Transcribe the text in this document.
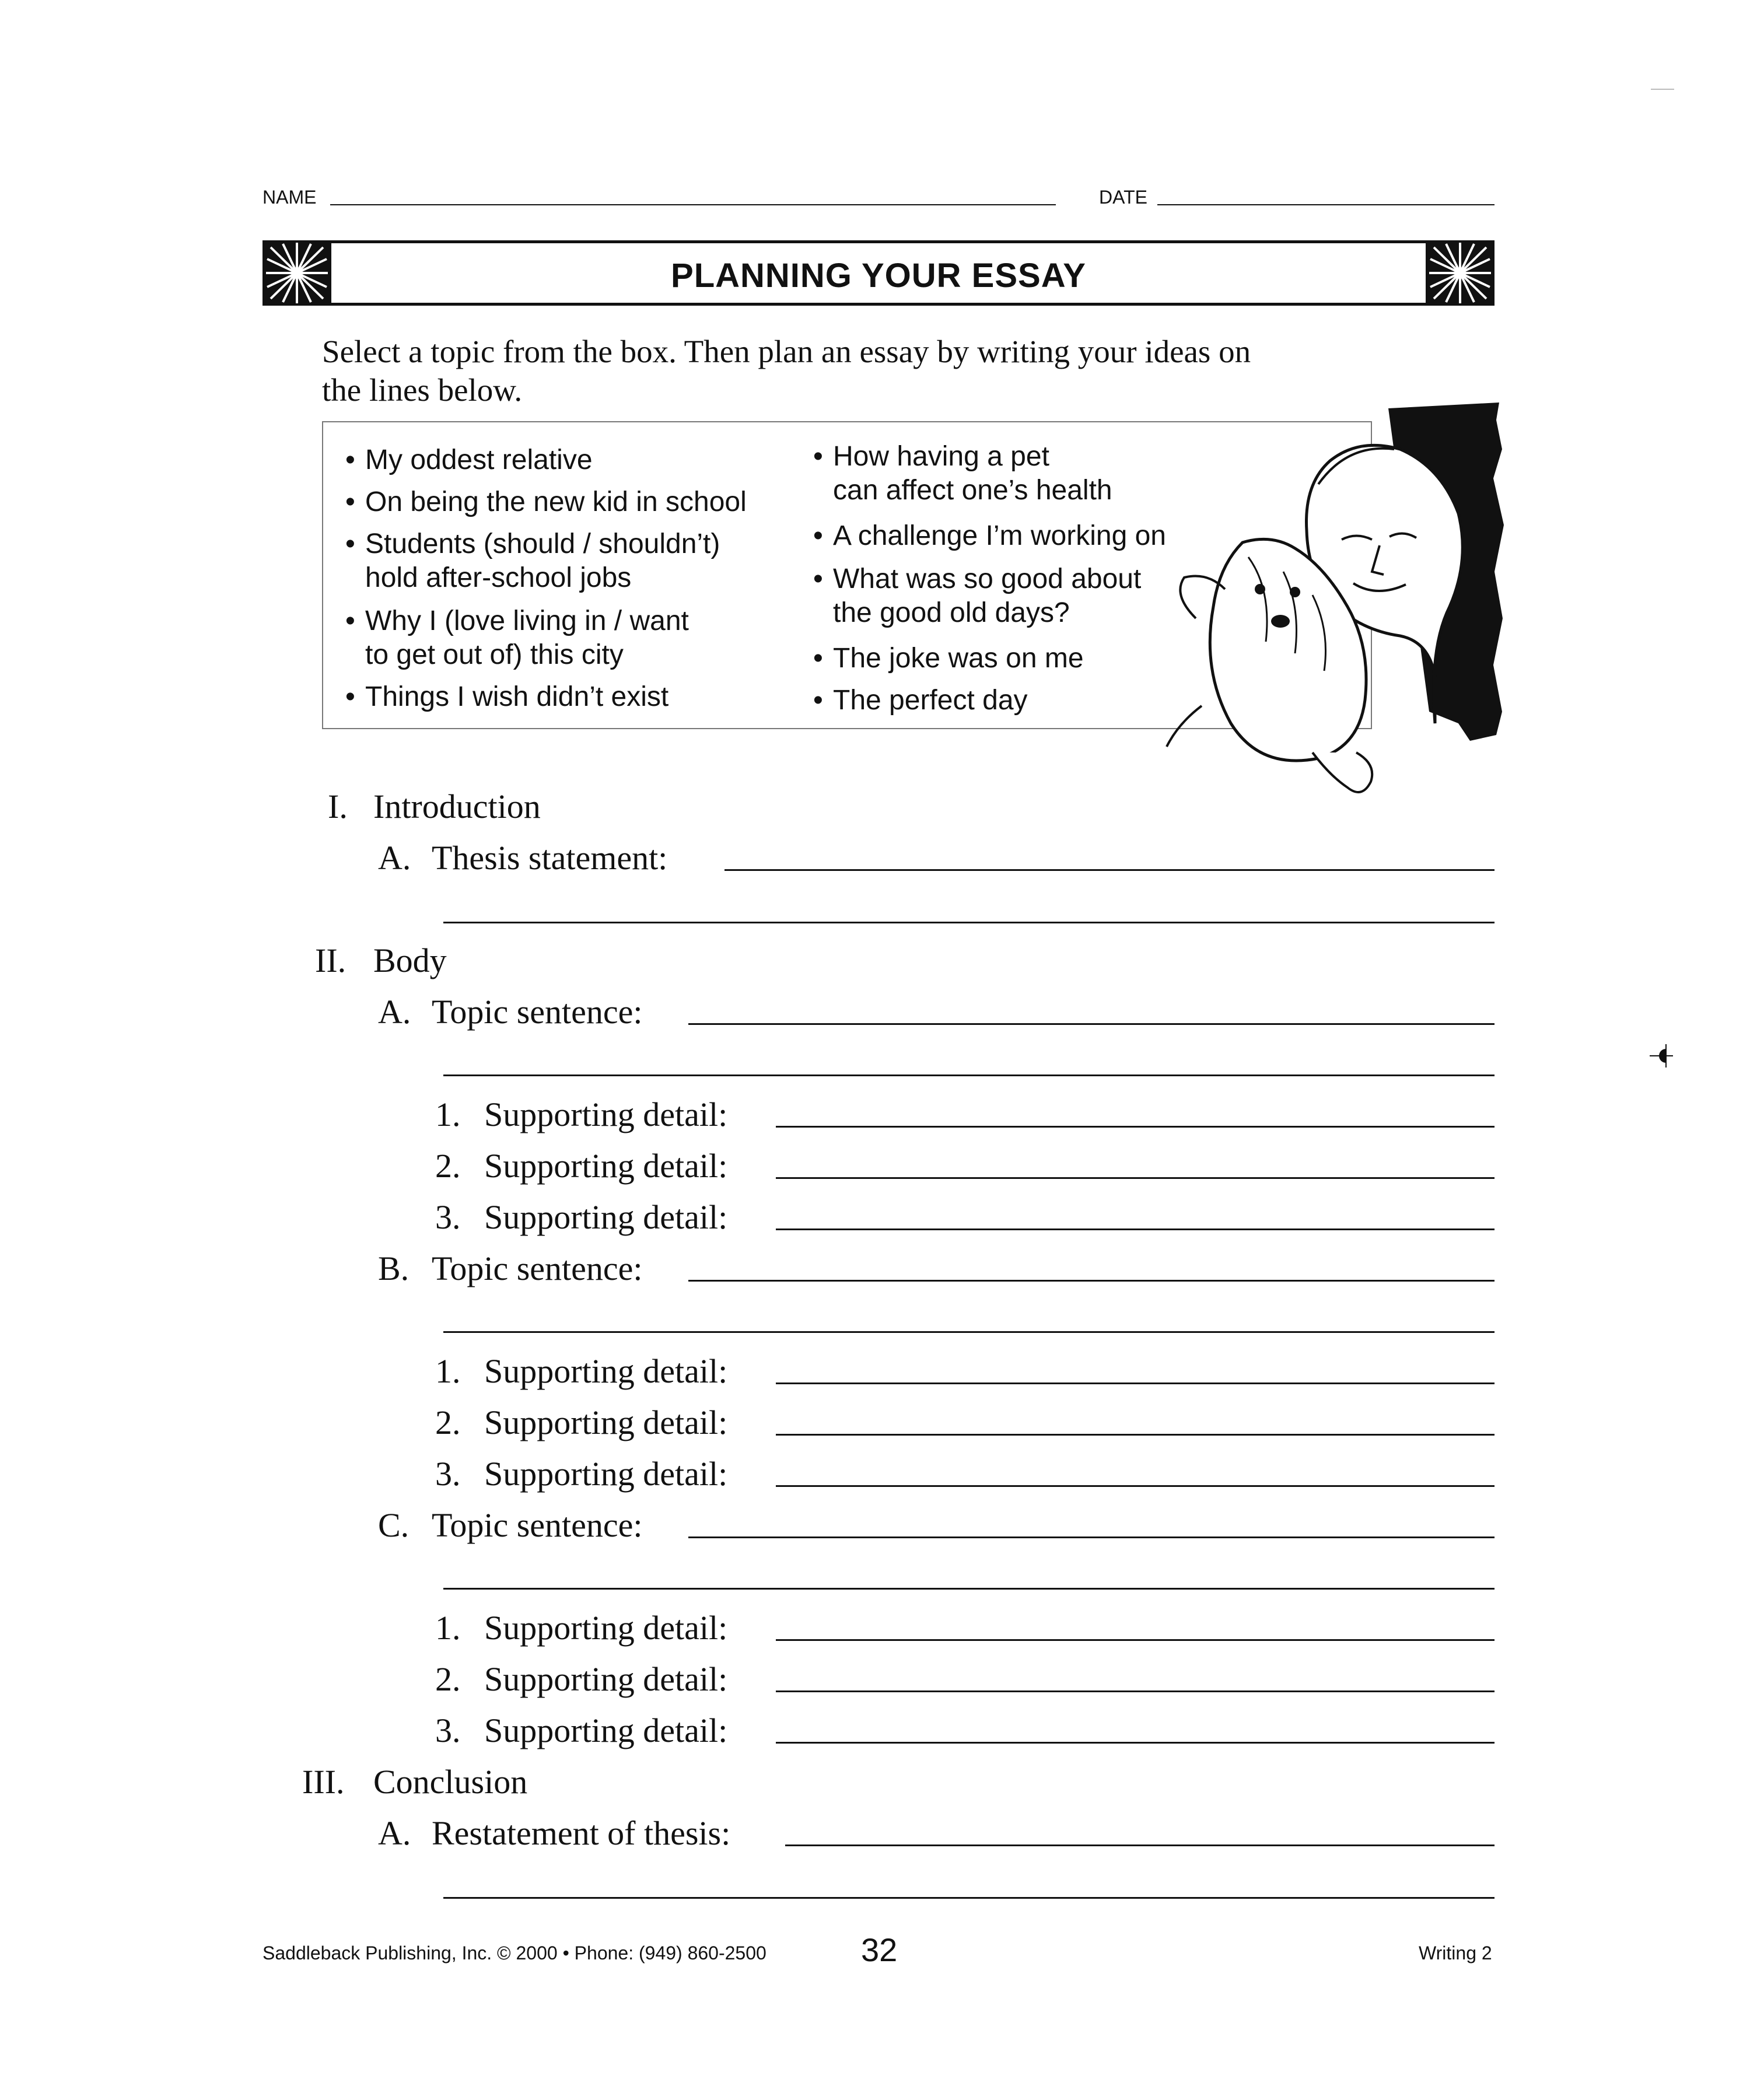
NAME	DATE
PLANNING YOUR ESSAY
Select a topic from the box. Then plan an essay by writing your ideas on the lines below.
• My oddest relative
• On being the new kid in school
• Students (should / shouldn’t)
hold after-school jobs
• Why I (love living in / want
to get out of) this city
• Things I wish didn’t exist
• How having a pet
can affect one’s health
• A challenge I’m working on
• What was so good about
the good old days?
• The joke was on me
• The perfect day
I. Introduction
A. Thesis statement:
II. Body
A. Topic sentence:
1. Supporting detail:
2. Supporting detail:
3. Supporting detail:
B. Topic sentence:
1. Supporting detail:
2. Supporting detail:
3. Supporting detail:
C. Topic sentence:
1. Supporting detail:
2. Supporting detail:
3. Supporting detail:
III. Conclusion
A. Restatement of thesis:
Saddleback Publishing, Inc. © 2000 • Phone: (949) 860-2500	32	Writing 2
